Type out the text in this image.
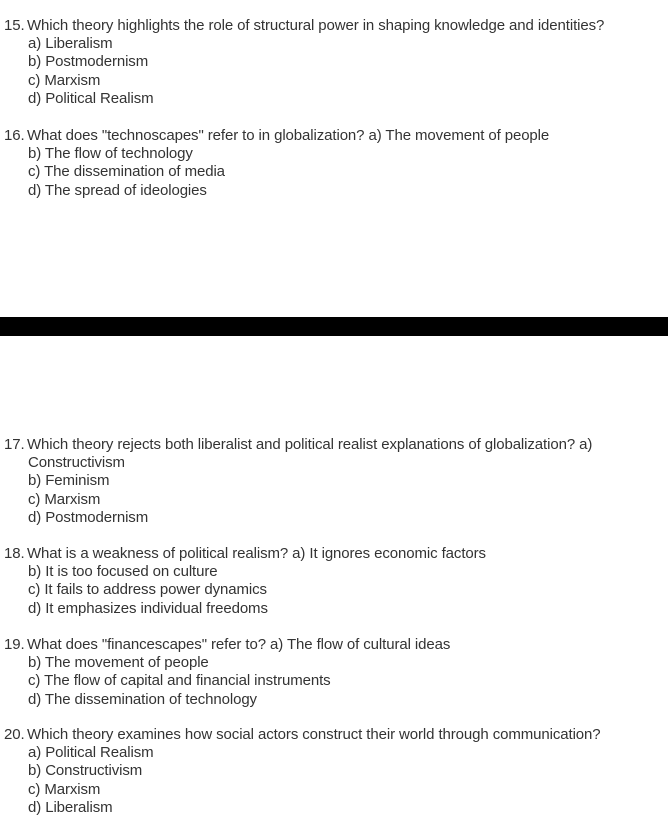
15. Which theory highlights the role of structural power in shaping knowledge and identities?
a) Liberalism
b) Postmodernism
c) Marxism
d) Political Realism
16. What does "technoscapes" refer to in globalization? a) The movement of people
b) The flow of technology
c) The dissemination of media
d) The spread of ideologies
17. Which theory rejects both liberalist and political realist explanations of globalization? a)
Constructivism
b) Feminism
c) Marxism
d) Postmodernism
18. What is a weakness of political realism? a) It ignores economic factors
b) It is too focused on culture
c) It fails to address power dynamics
d) It emphasizes individual freedoms
19. What does "financescapes" refer to? a) The flow of cultural ideas
b) The movement of people
c) The flow of capital and financial instruments
d) The dissemination of technology
20. Which theory examines how social actors construct their world through communication?
a) Political Realism
b) Constructivism
c) Marxism
d) Liberalism
